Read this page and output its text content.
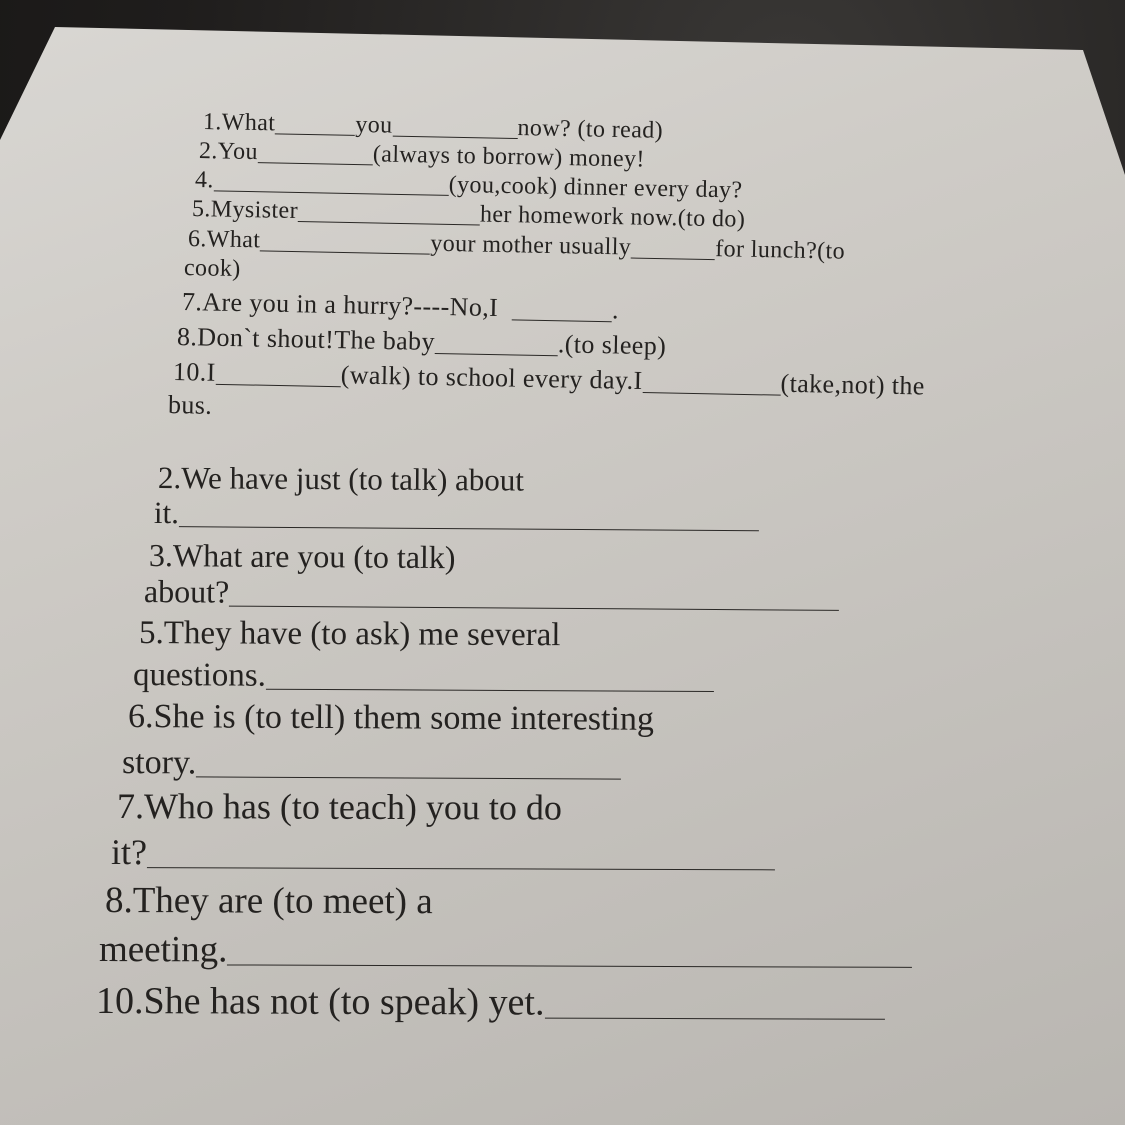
1.What	you	now? (to read)
2.You	(always to borrow) money!
4.	(you,cook) dinner every day?
5.Mysister	her homework now.(to do)
6.What	your mother usually	for lunch?(to
cook)
7.Are you in a hurry?----No,I	.
8.Don`t shout!The baby	.(to sleep)
10.I	(walk) to school every day.I	(take,not) the
bus.
2.We have just (to talk) about
it.
3.What are you (to talk)
about?
5.They have (to ask) me several
questions.
6.She is (to tell) them some interesting
story.
7.Who has (to teach) you to do
it?
8.They are (to meet) a
meeting.
10.She has not (to speak) yet.
